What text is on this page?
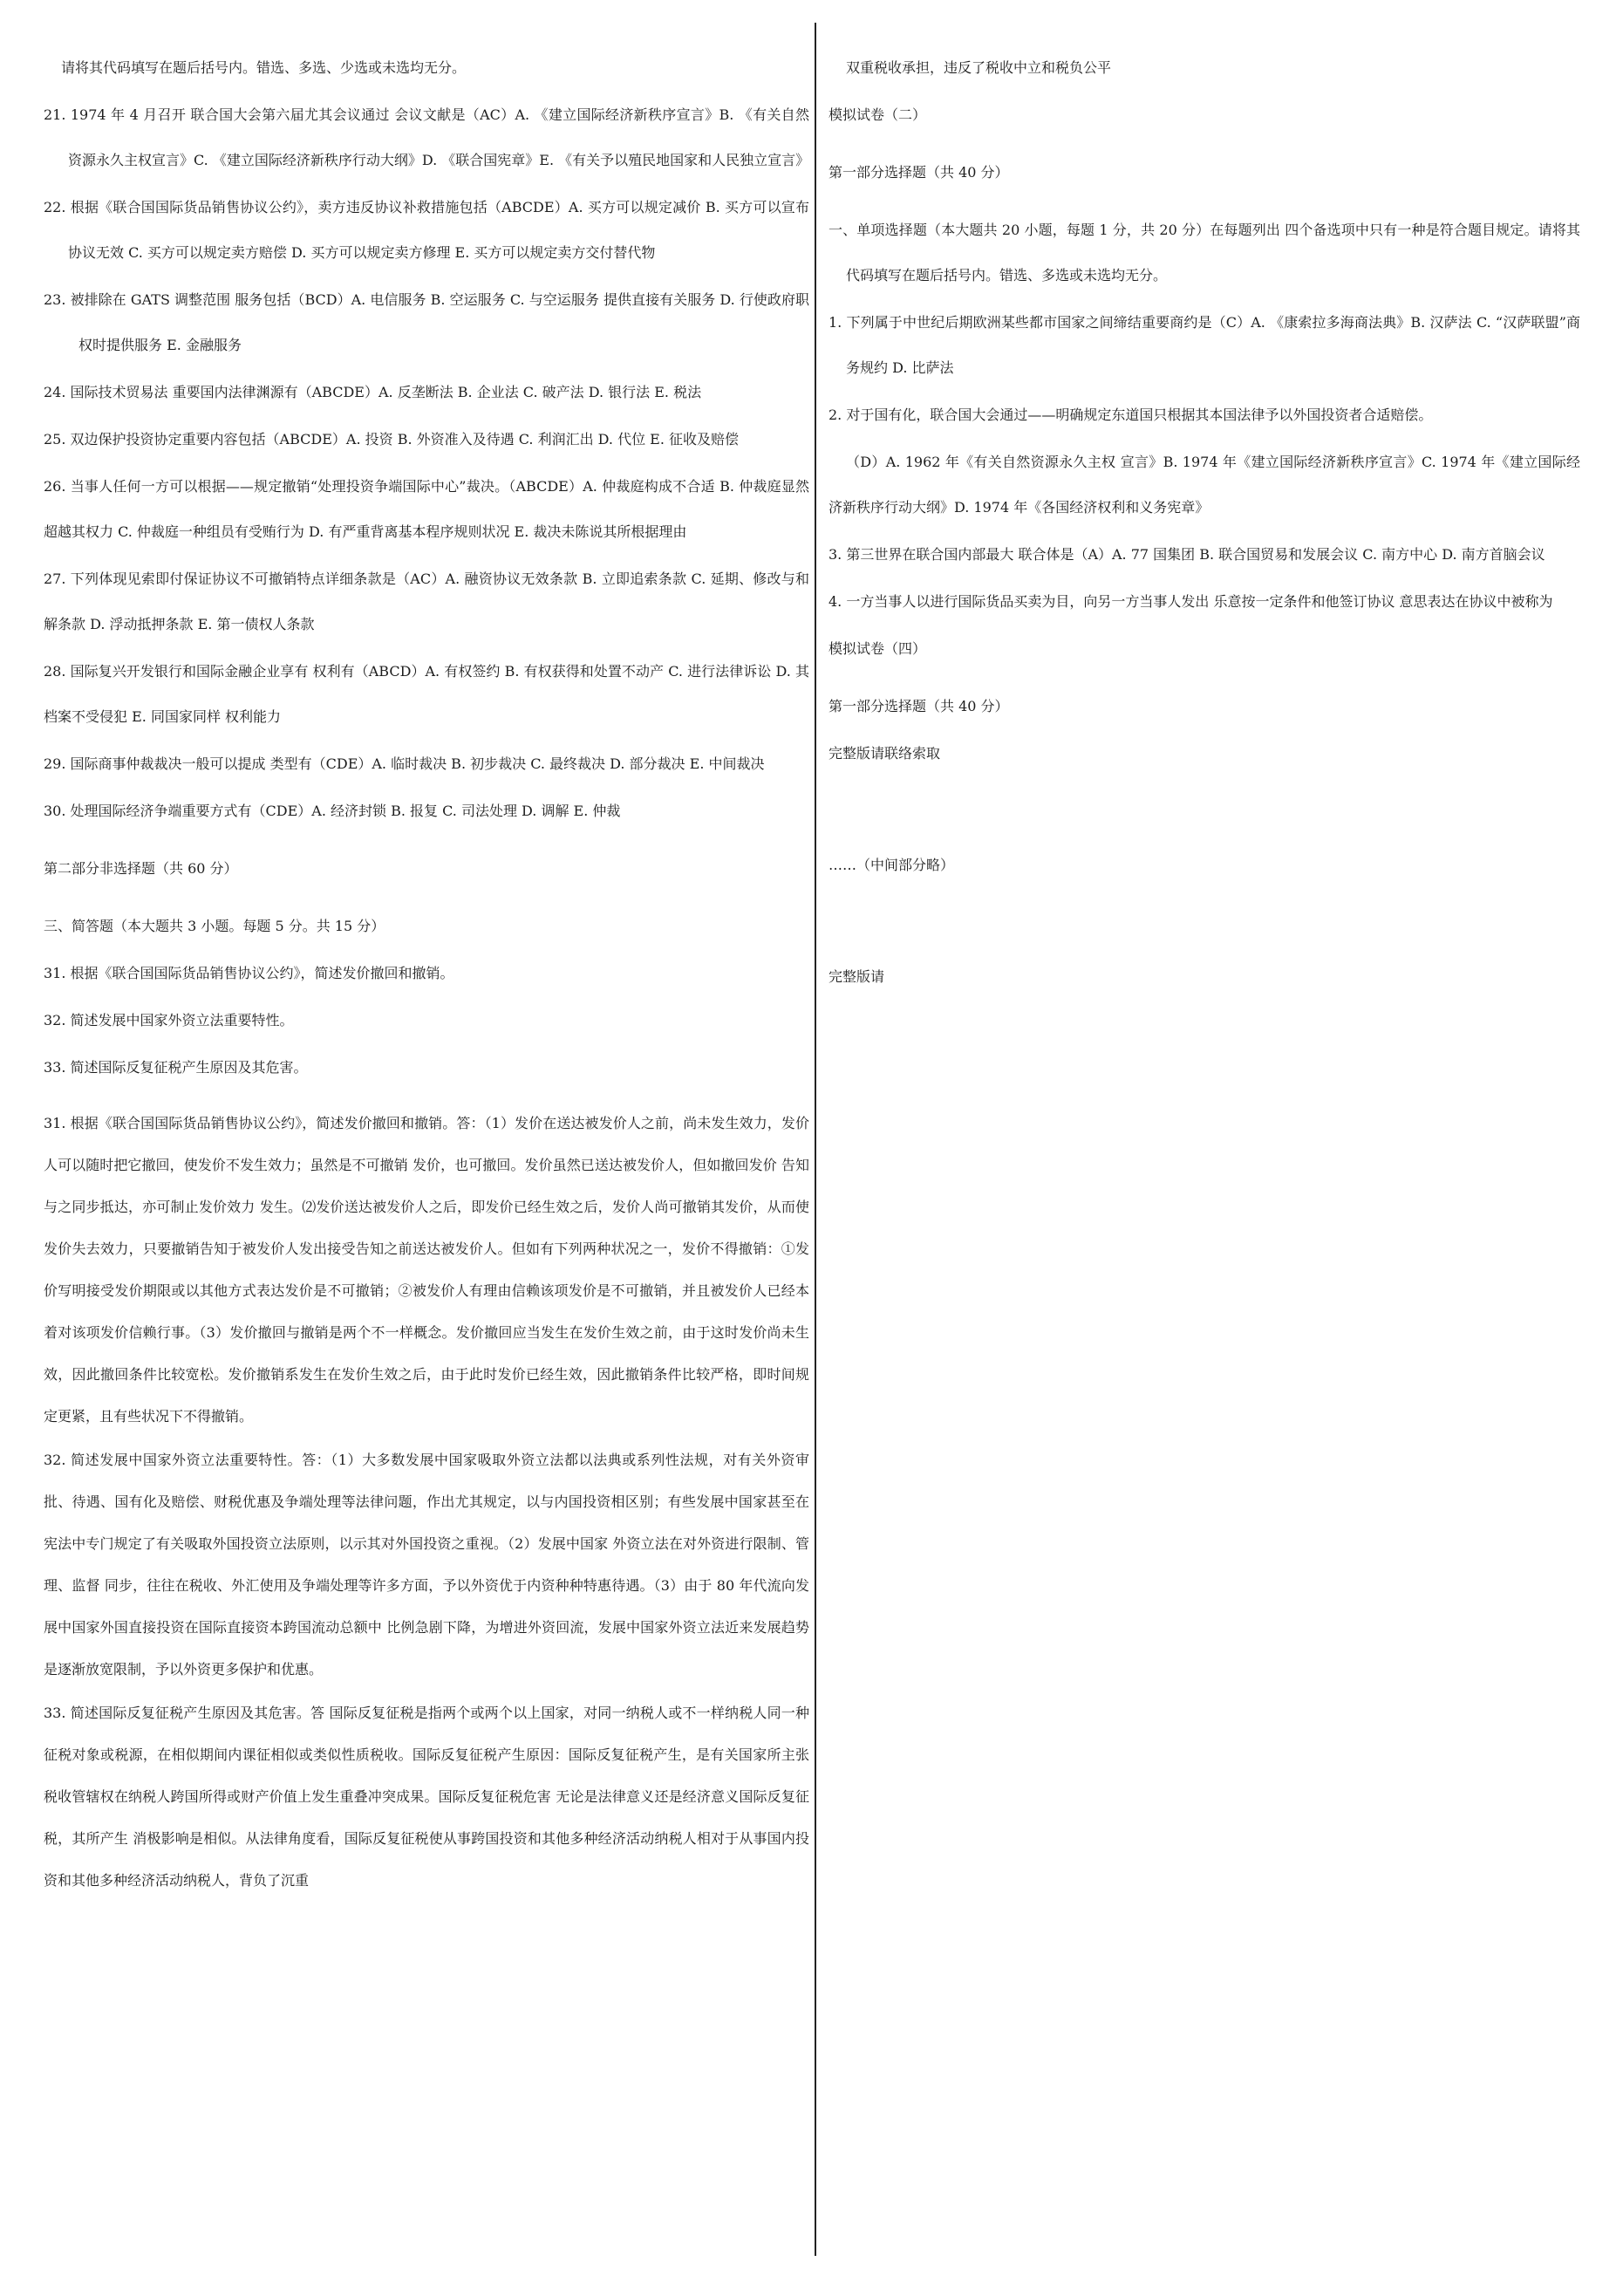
请将其代码填写在题后括号内。错选、多选、少选或未选均无分。

21. 1974 年 4 月召开 联合国大会第六届尤其会议通过 会议文献是（AC）A. 《建立国际经济新秩序宣言》B. 《有关自然资源永久主权宣言》C. 《建立国际经济新秩序行动大纲》D. 《联合国宪章》E. 《有关予以殖民地国家和人民独立宣言》

22. 根据《联合国国际货品销售协议公约》，卖方违反协议补救措施包括（ABCDE）A. 买方可以规定减价 B. 买方可以宣布协议无效 C. 买方可以规定卖方赔偿 D. 买方可以规定卖方修理 E. 买方可以规定卖方交付替代物

23. 被排除在 GATS 调整范围 服务包括（BCD）A. 电信服务 B. 空运服务 C. 与空运服务 提供直接有关服务 D. 行使政府职权时提供服务 E. 金融服务

24. 国际技术贸易法 重要国内法律渊源有（ABCDE）A. 反垄断法 B. 企业法 C. 破产法 D. 银行法 E. 税法

25. 双边保护投资协定重要内容包括（ABCDE）A. 投资 B. 外资准入及待遇 C. 利润汇出 D. 代位 E. 征收及赔偿

26. 当事人任何一方可以根据——规定撤销“处理投资争端国际中心”裁决。（ABCDE）A. 仲裁庭构成不合适 B. 仲裁庭显然超越其权力 C. 仲裁庭一种组员有受贿行为 D. 有严重背离基本程序规则状况 E. 裁决未陈说其所根据理由

27. 下列体现见索即付保证协议不可撤销特点详细条款是（AC）A. 融资协议无效条款 B. 立即追索条款 C. 延期、修改与和解条款 D. 浮动抵押条款 E. 第一债权人条款

28. 国际复兴开发银行和国际金融企业享有 权利有（ABCD）A. 有权签约 B. 有权获得和处置不动产 C. 进行法律诉讼 D. 其档案不受侵犯 E. 同国家同样 权利能力

29. 国际商事仲裁裁决一般可以提成 类型有（CDE）A. 临时裁决 B. 初步裁决 C. 最终裁决 D. 部分裁决 E. 中间裁决

30. 处理国际经济争端重要方式有（CDE）A. 经济封锁 B. 报复 C. 司法处理 D. 调解 E. 仲裁

第二部分非选择题（共 60 分）

三、简答题（本大题共 3 小题。每题 5 分。共 15 分）

31. 根据《联合国国际货品销售协议公约》，简述发价撤回和撤销。

32. 简述发展中国家外资立法重要特性。

33. 简述国际反复征税产生原因及其危害。

31. 根据《联合国国际货品销售协议公约》，简述发价撤回和撤销。答：（1）发价在送达被发价人之前，尚未发生效力，发价人可以随时把它撤回，使发价不发生效力；虽然是不可撤销 发价，也可撤回。发价虽然已送达被发价人，但如撤回发价 告知与之同步抵达，亦可制止发价效力 发生。⑵发价送达被发价人之后，即发价已经生效之后，发价人尚可撤销其发价，从而使发价失去效力，只要撤销告知于被发价人发出接受告知之前送达被发价人。但如有下列两种状况之一，发价不得撤销：①发价写明接受发价期限或以其他方式表达发价是不可撤销；②被发价人有理由信赖该项发价是不可撤销，并且被发价人已经本着对该项发价信赖行事。（3）发价撤回与撤销是两个不一样概念。发价撤回应当发生在发价生效之前，由于这时发价尚未生效，因此撤回条件比较宽松。发价撤销系发生在发价生效之后，由于此时发价已经生效，因此撤销条件比较严格，即时间规定更紧，且有些状况下不得撤销。

32. 简述发展中国家外资立法重要特性。答：（1）大多数发展中国家吸取外资立法都以法典或系列性法规，对有关外资审批、待遇、国有化及赔偿、财税优惠及争端处理等法律问题，作出尤其规定，以与内国投资相区别；有些发展中国家甚至在宪法中专门规定了有关吸取外国投资立法原则，以示其对外国投资之重视。（2）发展中国家 外资立法在对外资进行限制、管理、监督 同步，往往在税收、外汇使用及争端处理等许多方面，予以外资优于内资种种特惠待遇。（3）由于 80 年代流向发展中国家外国直接投资在国际直接资本跨国流动总额中 比例急剧下降，为增进外资回流，发展中国家外资立法近来发展趋势是逐渐放宽限制，予以外资更多保护和优惠。

33. 简述国际反复征税产生原因及其危害。答 国际反复征税是指两个或两个以上国家，对同一纳税人或不一样纳税人同一种征税对象或税源，在相似期间内课征相似或类似性质税收。国际反复征税产生原因：国际反复征税产生，是有关国家所主张税收管辖权在纳税人跨国所得或财产价值上发生重叠冲突成果。国际反复征税危害 无论是法律意义还是经济意义国际反复征税，其所产生 消极影响是相似。从法律角度看，国际反复征税使从事跨国投资和其他多种经济活动纳税人相对于从事国内投资和其他多种经济活动纳税人，背负了沉重

双重税收承担，违反了税收中立和税负公平

模拟试卷（二）

第一部分选择题（共 40 分）

一、单项选择题（本大题共 20 小题，每题 1 分，共 20 分）在每题列出 四个备选项中只有一种是符合题目规定。请将其代码填写在题后括号内。错选、多选或未选均无分。

1. 下列属于中世纪后期欧洲某些都市国家之间缔结重要商约是（C）A. 《康索拉多海商法典》B. 汉萨法 C. “汉萨联盟”商务规约 D. 比萨法

2. 对于国有化，联合国大会通过——明确规定东道国只根据其本国法律予以外国投资者合适赔偿。

（D）A. 1962 年《有关自然资源永久主权 宣言》B. 1974 年《建立国际经济新秩序宣言》C. 1974 年《建立国际经济新秩序行动大纲》D. 1974 年《各国经济权利和义务宪章》

3. 第三世界在联合国内部最大 联合体是（A）A. 77 国集团 B. 联合国贸易和发展会议 C. 南方中心 D. 南方首脑会议

4. 一方当事人以进行国际货品买卖为目，向另一方当事人发出 乐意按一定条件和他签订协议 意思表达在协议中被称为

模拟试卷（四）

第一部分选择题（共 40 分）

完整版请联络索取

……（中间部分略）

完整版请
